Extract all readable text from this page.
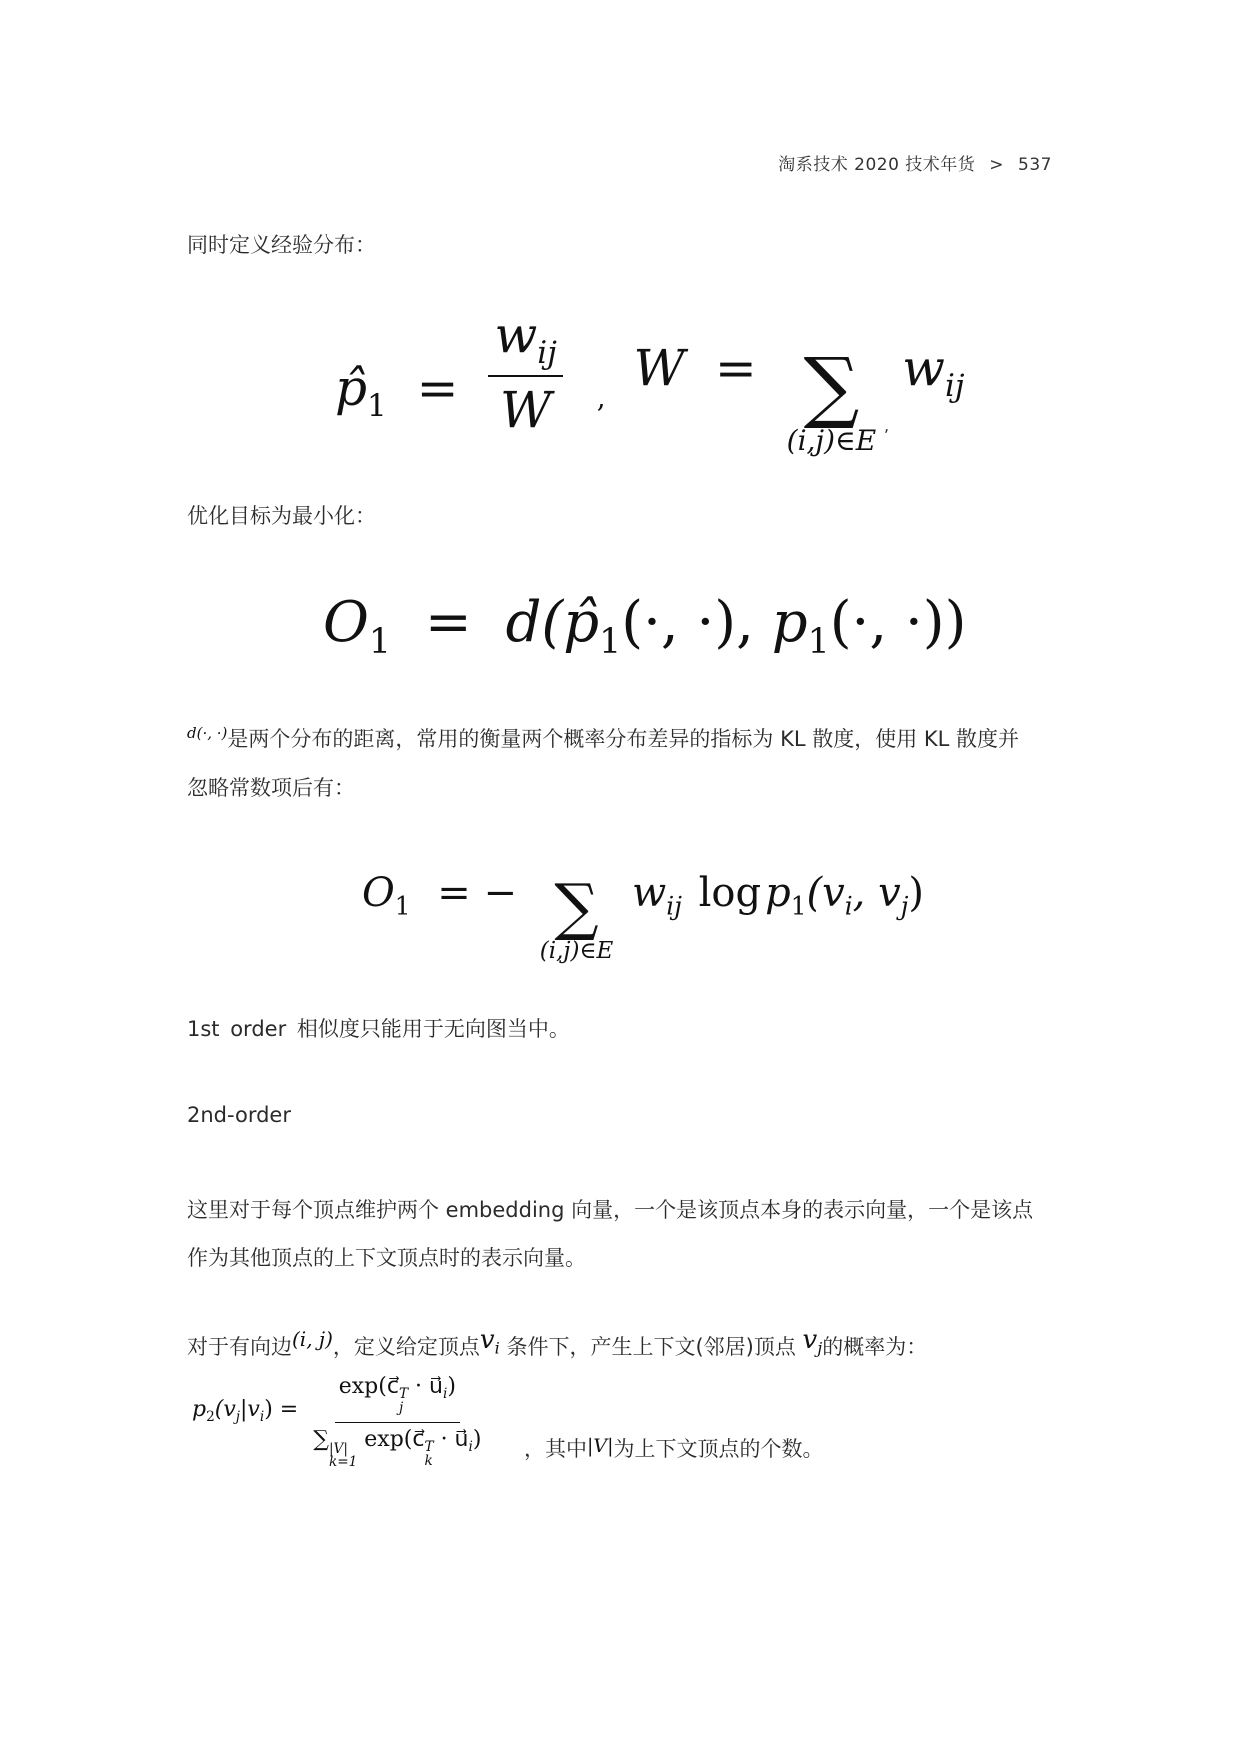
淘系技术 2020 技术年货 > 537
同时定义经验分布：
$p̂_1 = \frac{w_{ij}}{W} _,$ W = ∑
(i,j)∈E
$w_{ij}$
,
优化目标为最小化：
$O_1$ = $d(p̂_1(\cdot$, ·), $p_1(\cdot$, ·))
$^{d(\cdot, \cdot)}$是两个分布的距离，常用的衡量两个概率分布差异的指标为 KL 散度，使用 KL 散度并
忽略常数项后有：
$O_1$ = − ∑
(i,j)∈E
$w_{ij}$ $\log p_1(v_i$, $v_j$)
1st order 相似度只能用于无向图当中。
2nd-order
这里对于每个顶点维护两个 embedding 向量，一个是该顶点本身的表示向量，一个是该点
作为其他顶点的上下文顶点时的表示向量。
对于有向边(i, j)，定义给定顶点$v_i$ 条件下，产生上下文(邻居)顶点 $v_j$的概率为：
$p_2(v_j|v_i)$ = exp(c⃗ T
j
· $u⃗_i$)
∑ |V|
k=1
exp(c⃗ T
k
· $u⃗_i$) ，其中|V|为上下文顶点的个数。
